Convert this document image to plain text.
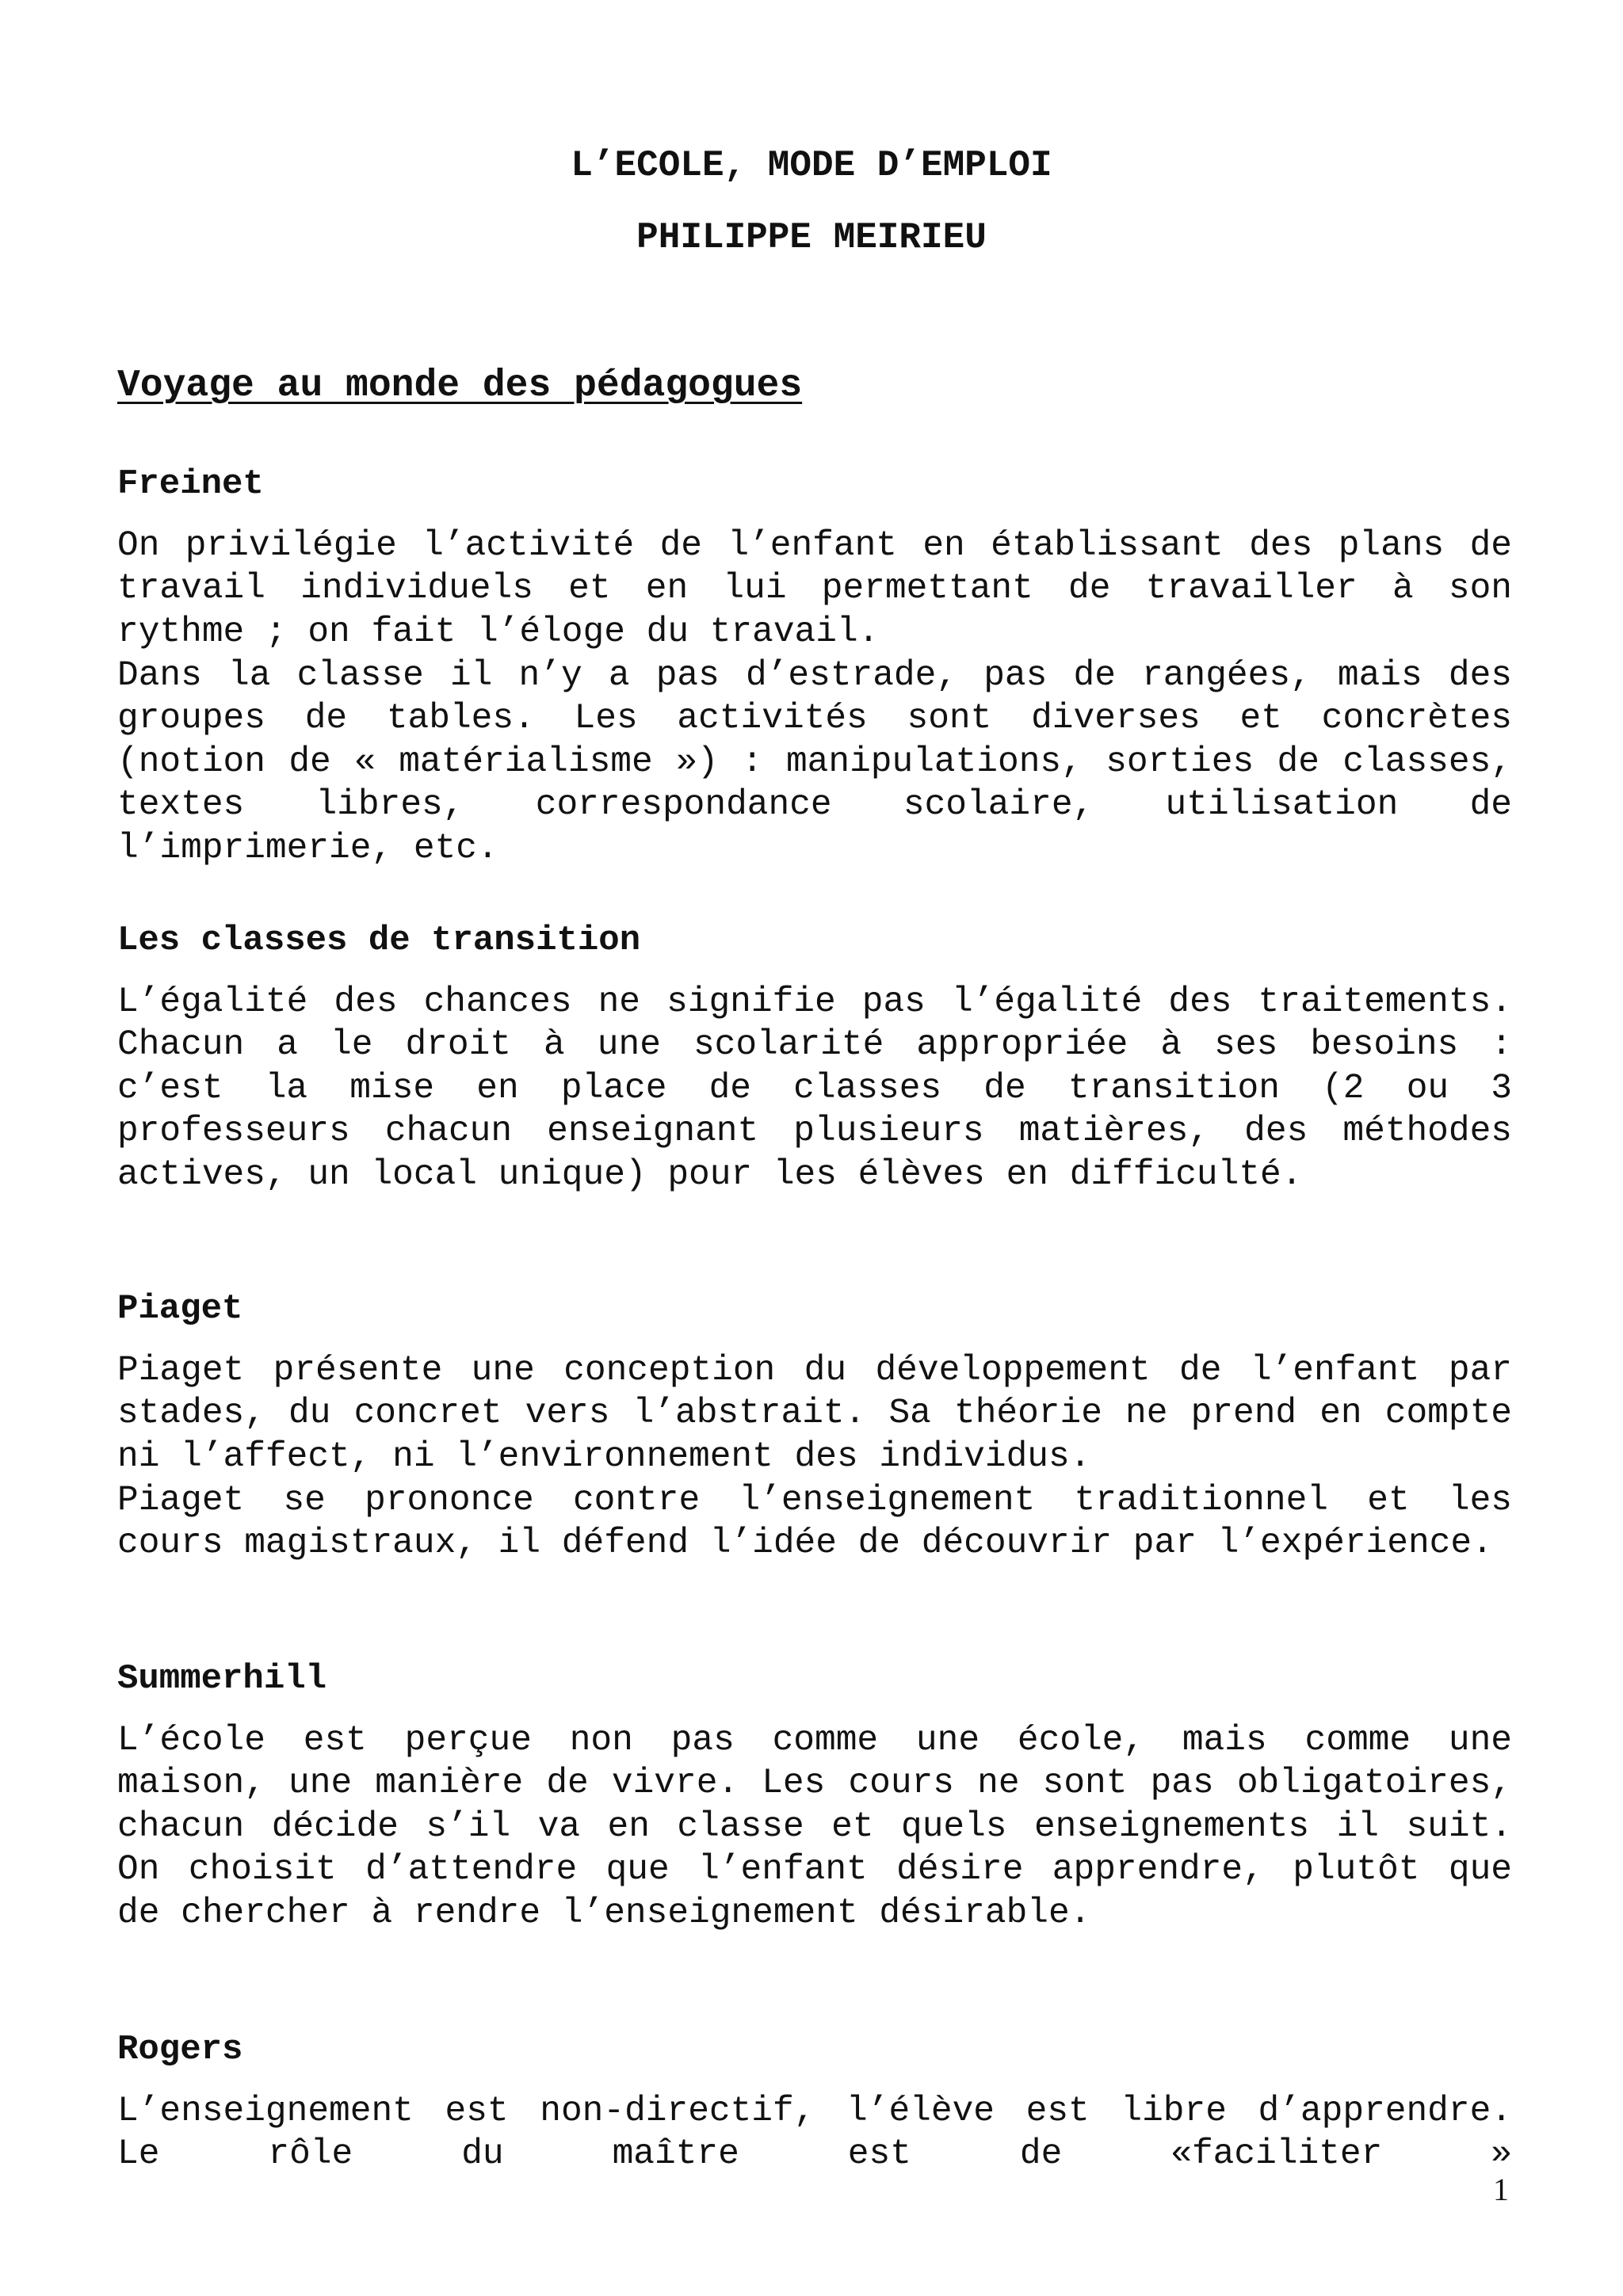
L’ECOLE, MODE D’EMPLOI
PHILIPPE MEIRIEU
Voyage au monde des pédagogues
Freinet

On privilégie l’activité de l’enfant en établissant des plans de travail individuels et en lui permettant de travailler à son rythme ; on fait l’éloge du travail.

Dans la classe il n’y a pas d’estrade, pas de rangées, mais des groupes de tables. Les activités sont diverses et concrètes (notion de « matérialisme ») : manipulations, sorties de classes, textes libres, correspondance scolaire, utilisation de l’imprimerie, etc.

Les classes de transition

L’égalité des chances ne signifie pas l’égalité des traitements. Chacun a le droit à une scolarité appropriée à ses besoins : c’est la mise en place de classes de transition (2 ou 3 professeurs chacun enseignant plusieurs matières, des méthodes actives, un local unique) pour les élèves en difficulté.

Piaget

Piaget présente une conception du développement de l’enfant par stades, du concret vers l’abstrait. Sa théorie ne prend en compte ni l’affect, ni l’environnement des individus.

Piaget se prononce contre l’enseignement traditionnel et les cours magistraux, il défend l’idée de découvrir par l’expérience.

Summerhill

L’école est perçue non pas comme une école, mais comme une maison, une manière de vivre. Les cours ne sont pas obligatoires, chacun décide s’il va en classe et quels enseignements il suit. On choisit d’attendre que l’enfant désire apprendre, plutôt que de chercher à rendre l’enseignement désirable.

Rogers

L’enseignement est non-directif, l’élève est libre d’apprendre. Le rôle du maître est de «faciliter »

1
